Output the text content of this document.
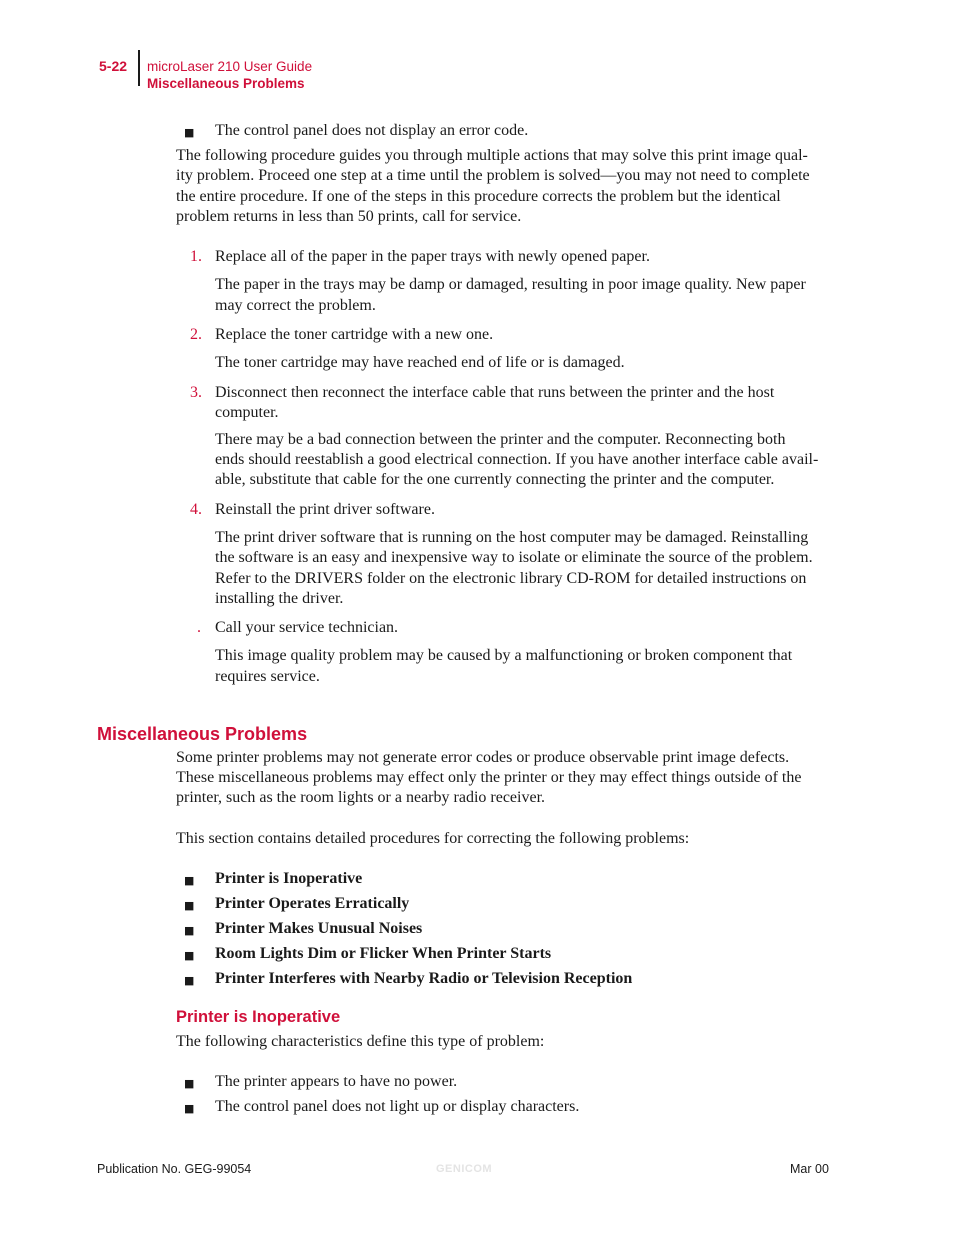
5-22 microLaser 210 User Guide
Miscellaneous Problems
■ The control panel does not display an error code.
The following procedure guides you through multiple actions that may solve this print image qual-
ity problem. Proceed one step at a time until the problem is solved—you may not need to complete
the entire procedure. If one of the steps in this procedure corrects the problem but the identical
problem returns in less than 50 prints, call for service.
1. Replace all of the paper in the paper trays with newly opened paper.
The paper in the trays may be damp or damaged, resulting in poor image quality. New paper
may correct the problem.
2. Replace the toner cartridge with a new one.
The toner cartridge may have reached end of life or is damaged.
3. Disconnect then reconnect the interface cable that runs between the printer and the host
computer.
There may be a bad connection between the printer and the computer. Reconnecting both
ends should reestablish a good electrical connection. If you have another interface cable avail-
able, substitute that cable for the one currently connecting the printer and the computer.
4. Reinstall the print driver software.
The print driver software that is running on the host computer may be damaged. Reinstalling
the software is an easy and inexpensive way to isolate or eliminate the source of the problem.
Refer to the DRIVERS folder on the electronic library CD-ROM for detailed instructions on
installing the driver.
. Call your service technician.
This image quality problem may be caused by a malfunctioning or broken component that
requires service.
Miscellaneous Problems
Some printer problems may not generate error codes or produce observable print image defects.
These miscellaneous problems may effect only the printer or they may effect things outside of the
printer, such as the room lights or a nearby radio receiver.
This section contains detailed procedures for correcting the following problems:
■ Printer is Inoperative
■ Printer Operates Erratically
■ Printer Makes Unusual Noises
■ Room Lights Dim or Flicker When Printer Starts
■ Printer Interferes with Nearby Radio or Television Reception
Printer is Inoperative
The following characteristics define this type of problem:
■ The printer appears to have no power.
■ The control panel does not light up or display characters.
Publication No. GEG-99054	GENICOM	Mar 00
